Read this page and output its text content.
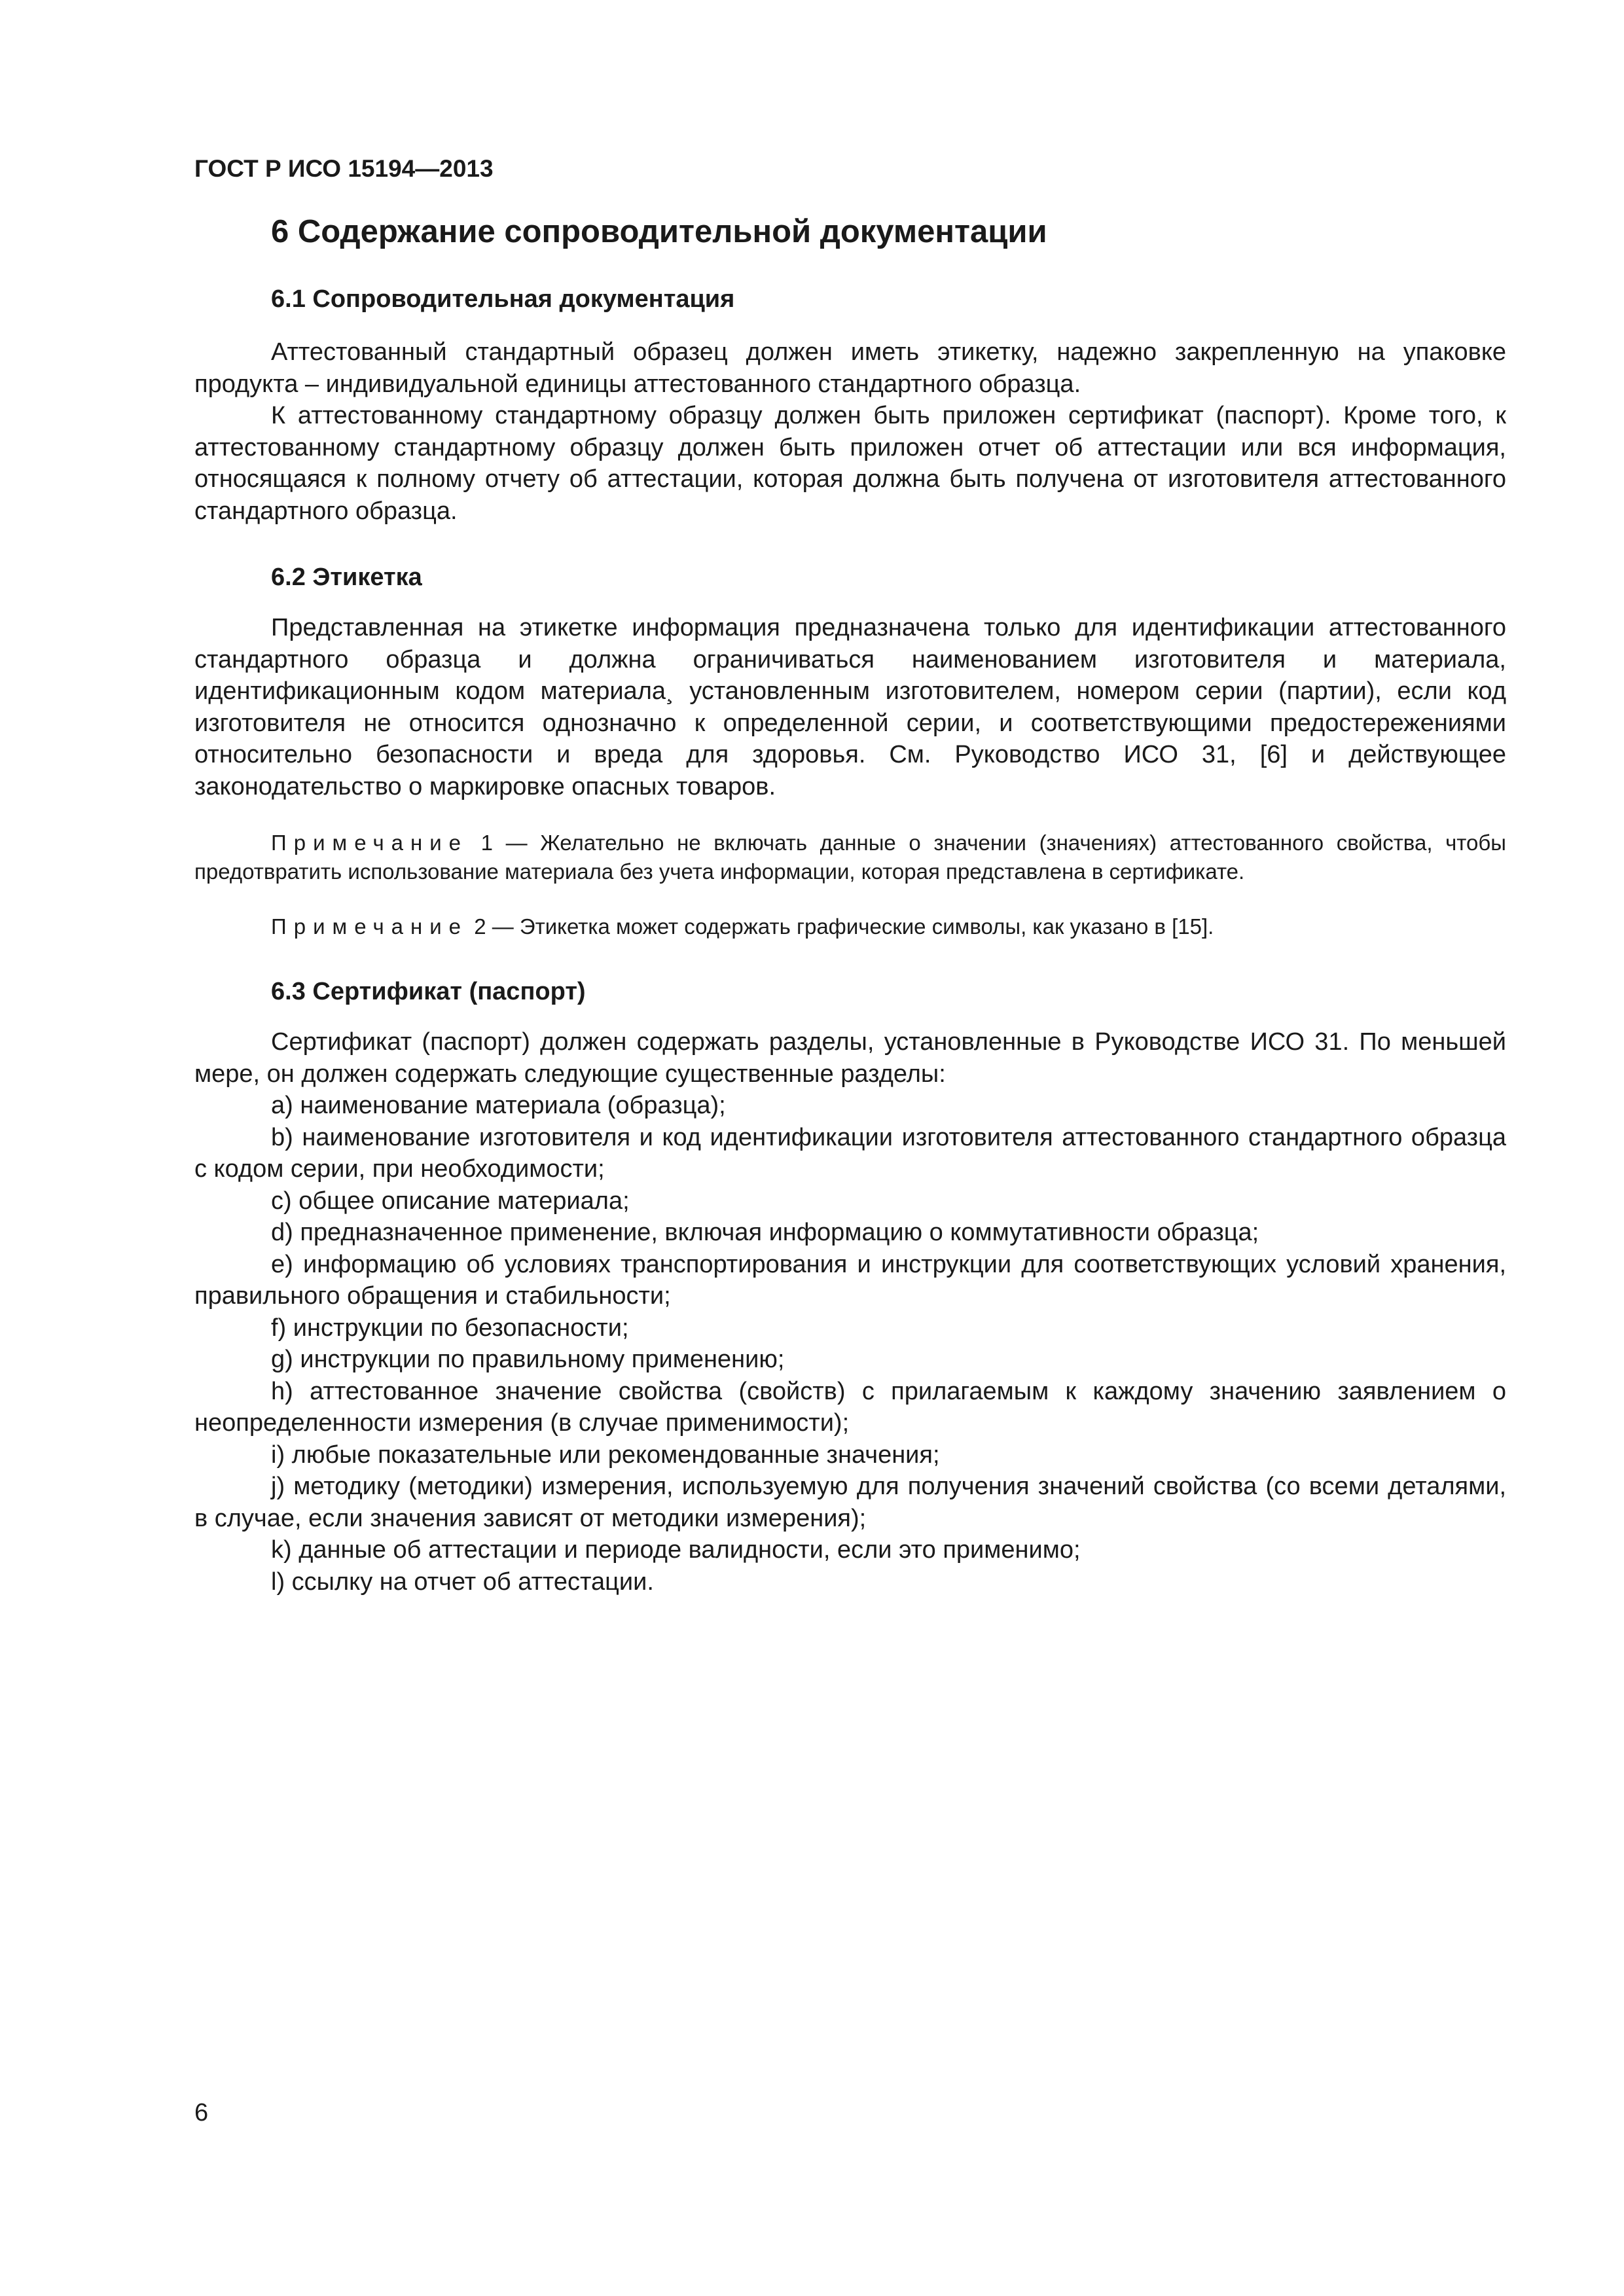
ГОСТ Р ИСО 15194—2013
6 Содержание сопроводительной документации
6.1 Сопроводительная документация

Аттестованный стандартный образец должен иметь этикетку, надежно закрепленную на упаковке продукта – индивидуальной единицы аттестованного стандартного образца.

К аттестованному стандартному образцу должен быть приложен сертификат (паспорт). Кроме того, к аттестованному стандартному образцу должен быть приложен отчет об аттестации или вся информация, относящаяся к полному отчету об аттестации, которая должна быть получена от изготовителя аттестованного стандартного образца.

6.2 Этикетка

Представленная на этикетке информация предназначена только для идентификации аттестованного стандартного образца и должна ограничиваться наименованием изготовителя и материала, идентификационным кодом материала¸ установленным изготовителем, номером серии (партии), если код изготовителя не относится однозначно к определенной серии, и соответствующими предостережениями относительно безопасности и вреда для здоровья. См. Руководство ИСО 31, [6] и действующее законодательство о маркировке опасных товаров.

Примечание 1 — Желательно не включать данные о значении (значениях) аттестованного свойства, чтобы предотвратить использование материала без учета информации, которая представлена в сертификате.

Примечание 2 — Этикетка может содержать графические символы, как указано в [15].

6.3 Сертификат (паспорт)

Сертификат (паспорт) должен содержать разделы, установленные в Руководстве ИСО 31. По меньшей мере, он должен содержать следующие существенные разделы:

a) наименование материала (образца);

b) наименование изготовителя и код идентификации изготовителя аттестованного стандартного образца с кодом серии, при необходимости;

c) общее описание материала;

d) предназначенное применение, включая информацию о коммутативности образца;

e) информацию об условиях транспортирования и инструкции для соответствующих условий хранения, правильного обращения и стабильности;

f) инструкции по безопасности;

g) инструкции по правильному применению;

h) аттестованное значение свойства (свойств) с прилагаемым к каждому значению заявлением о неопределенности измерения (в случае применимости);

i) любые показательные или рекомендованные значения;

j) методику (методики) измерения, используемую для получения значений свойства (со всеми деталями, в случае, если значения зависят от методики измерения);

k) данные об аттестации и периоде валидности, если это применимо;

l) ссылку на отчет об аттестации.

6
